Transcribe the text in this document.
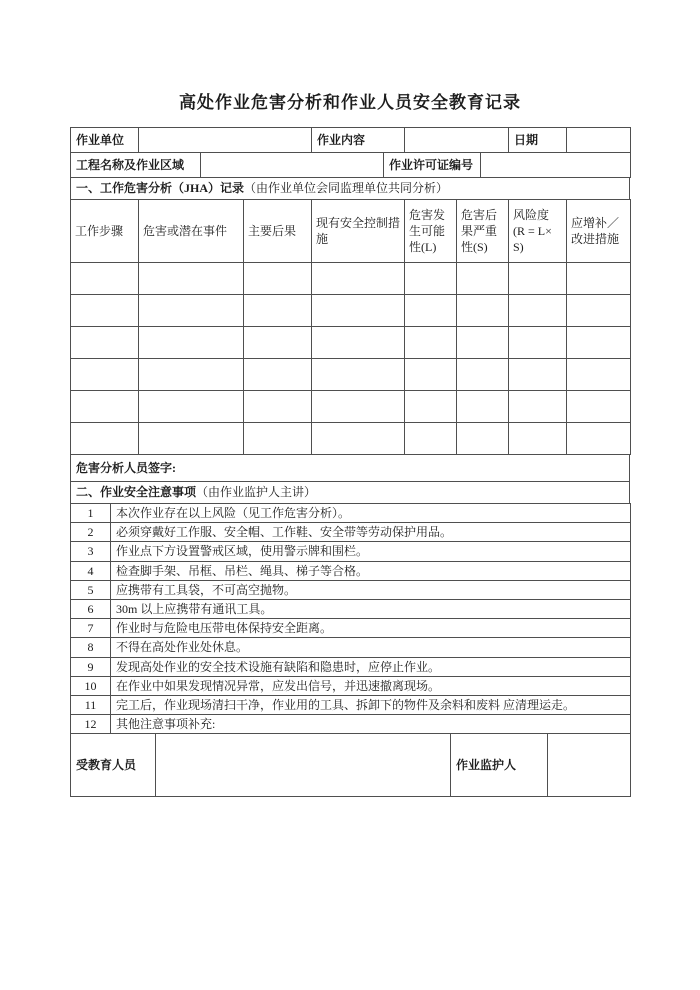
高处作业危害分析和作业人员安全教育记录
作业单位		作业内容		日期	
工程名称及作业区域		作业许可证编号	
一、工作危害分析（JHA）记录（由作业单位会同监理单位共同分析）
工作步骤	危害或潜在事件	主要后果	现有安全控制措施	危害发生可能性(L)	危害后果严重性(S)	风险度 (R = L×S)	应增补／改进措施

危害分析人员签字:
二、作业安全注意事项（由作业监护人主讲）
1	本次作业存在以上风险（见工作危害分析）。
2	必须穿戴好工作服、安全帽、工作鞋、安全带等劳动保护用品。
3	作业点下方设置警戒区域，使用警示牌和围栏。
4	检查脚手架、吊框、吊栏、绳具、梯子等合格。
5	应携带有工具袋，不可高空抛物。
6	30m 以上应携带有通讯工具。
7	作业时与危险电压带电体保持安全距离。
8	不得在高处作业处休息。
9	发现高处作业的安全技术设施有缺陷和隐患时，应停止作业。
10	在作业中如果发现情况异常，应发出信号，并迅速撤离现场。
11	完工后，作业现场清扫干净，作业用的工具、拆卸下的物件及余料和废料 应清理运走。
12	其他注意事项补充:
受教育人员		作业监护人	
